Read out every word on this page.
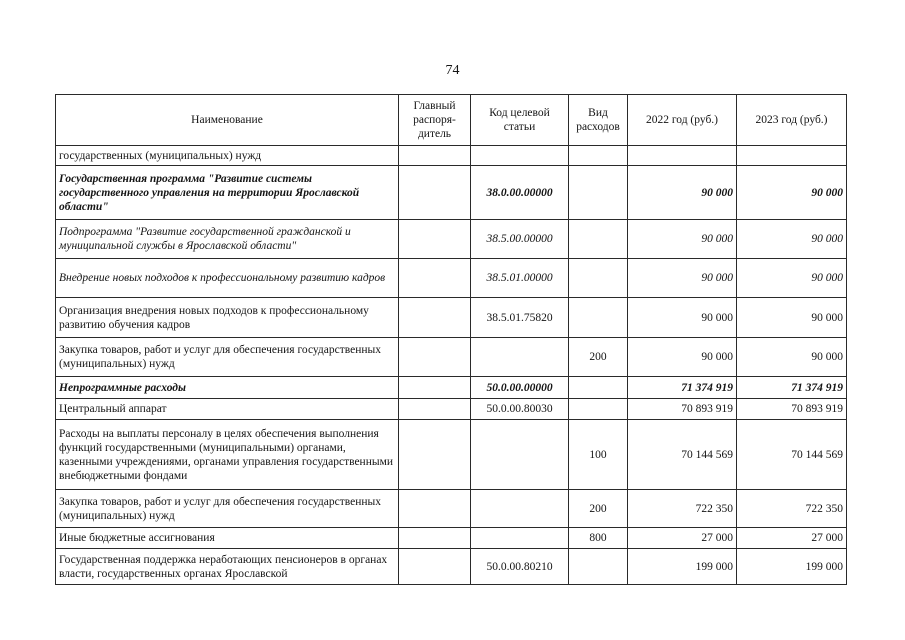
74
Наименование	Главный распоря-дитель	Код целевой статьи	Вид расходов	2022 год (руб.)	2023 год (руб.)
государственных (муниципальных) нужд					
Государственная программа "Развитие системы государственного управления на территории Ярославской области"		38.0.00.00000		90 000	90 000
Подпрограмма "Развитие государственной гражданской и муниципальной службы в Ярославской области"		38.5.00.00000		90 000	90 000
Внедрение новых подходов к профессиональному развитию кадров		38.5.01.00000		90 000	90 000
Организация внедрения новых подходов к профессиональному развитию обучения кадров		38.5.01.75820		90 000	90 000
Закупка товаров, работ и услуг для обеспечения государственных (муниципальных) нужд			200	90 000	90 000
Непрограммные расходы		50.0.00.00000		71 374 919	71 374 919
Центральный аппарат		50.0.00.80030		70 893 919	70 893 919
Расходы на выплаты персоналу в целях обеспечения выполнения функций государственными (муниципальными) органами, казенными учреждениями, органами управления государственными внебюджетными фондами			100	70 144 569	70 144 569
Закупка товаров, работ и услуг для обеспечения государственных (муниципальных) нужд			200	722 350	722 350
Иные бюджетные ассигнования			800	27 000	27 000
Государственная поддержка неработающих пенсионеров в органах власти, государственных органах Ярославской		50.0.00.80210		199 000	199 000
